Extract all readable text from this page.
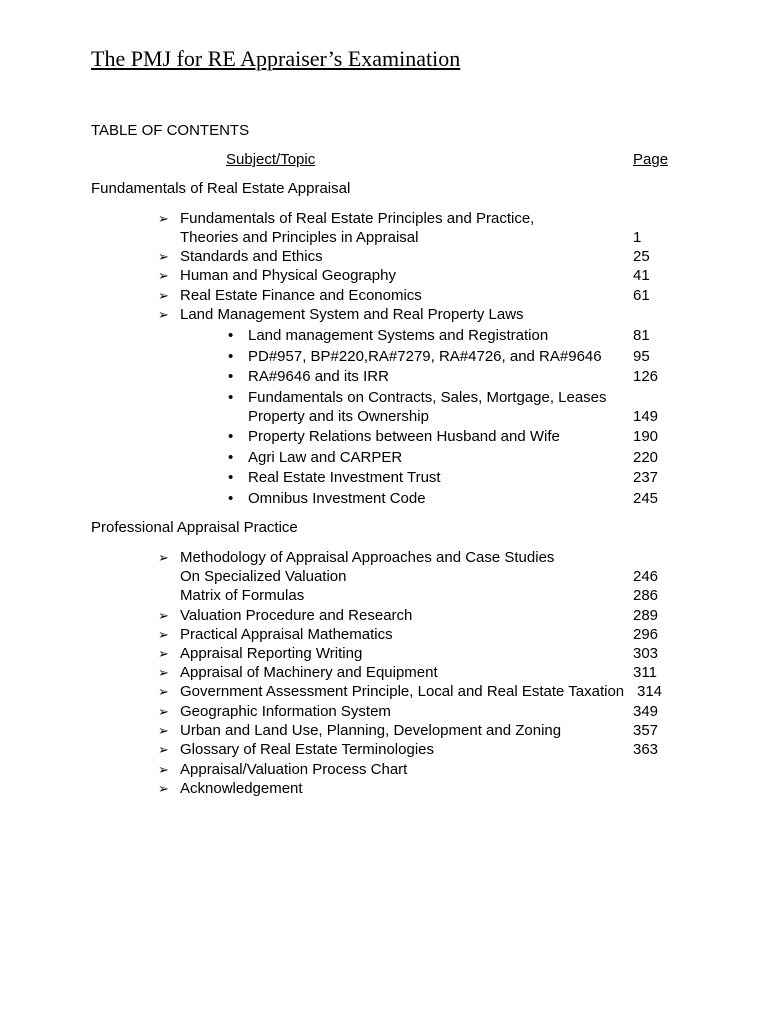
The PMJ for RE Appraiser’s Examination
TABLE OF CONTENTS
Subject/Topic	Page
Fundamentals of Real Estate Appraisal
Professional Appraisal Practice
➢ Fundamentals of Real Estate Principles and Practice,
Theories and Principles in Appraisal	1
➢ Standards and Ethics	25
➢ Human and Physical Geography	41
➢ Real Estate Finance and Economics	61
➢ Land Management System and Real Property Laws
• Land management Systems and Registration	81
• PD#957, BP#220,RA#7279, RA#4726, and RA#9646 95
• RA#9646 and its IRR	126
• Fundamentals on Contracts, Sales, Mortgage, Leases
Property and its Ownership	149
• Property Relations between Husband and Wife	190
• Agri Law and CARPER	220
• Real Estate Investment Trust	237
• Omnibus Investment Code	245
➢ Methodology of Appraisal Approaches and Case Studies
On Specialized Valuation	246
Matrix of Formulas	286
➢ Valuation Procedure and Research	289
➢ Practical Appraisal Mathematics	296
➢ Appraisal Reporting Writing	303
➢ Appraisal of Machinery and Equipment	311
➢ Government Assessment Principle, Local and Real Estate Taxation 314
➢ Geographic Information System	349
➢ Urban and Land Use, Planning, Development and Zoning	357
➢ Glossary of Real Estate Terminologies	363
➢ Appraisal/Valuation Process Chart
➢ Acknowledgement
